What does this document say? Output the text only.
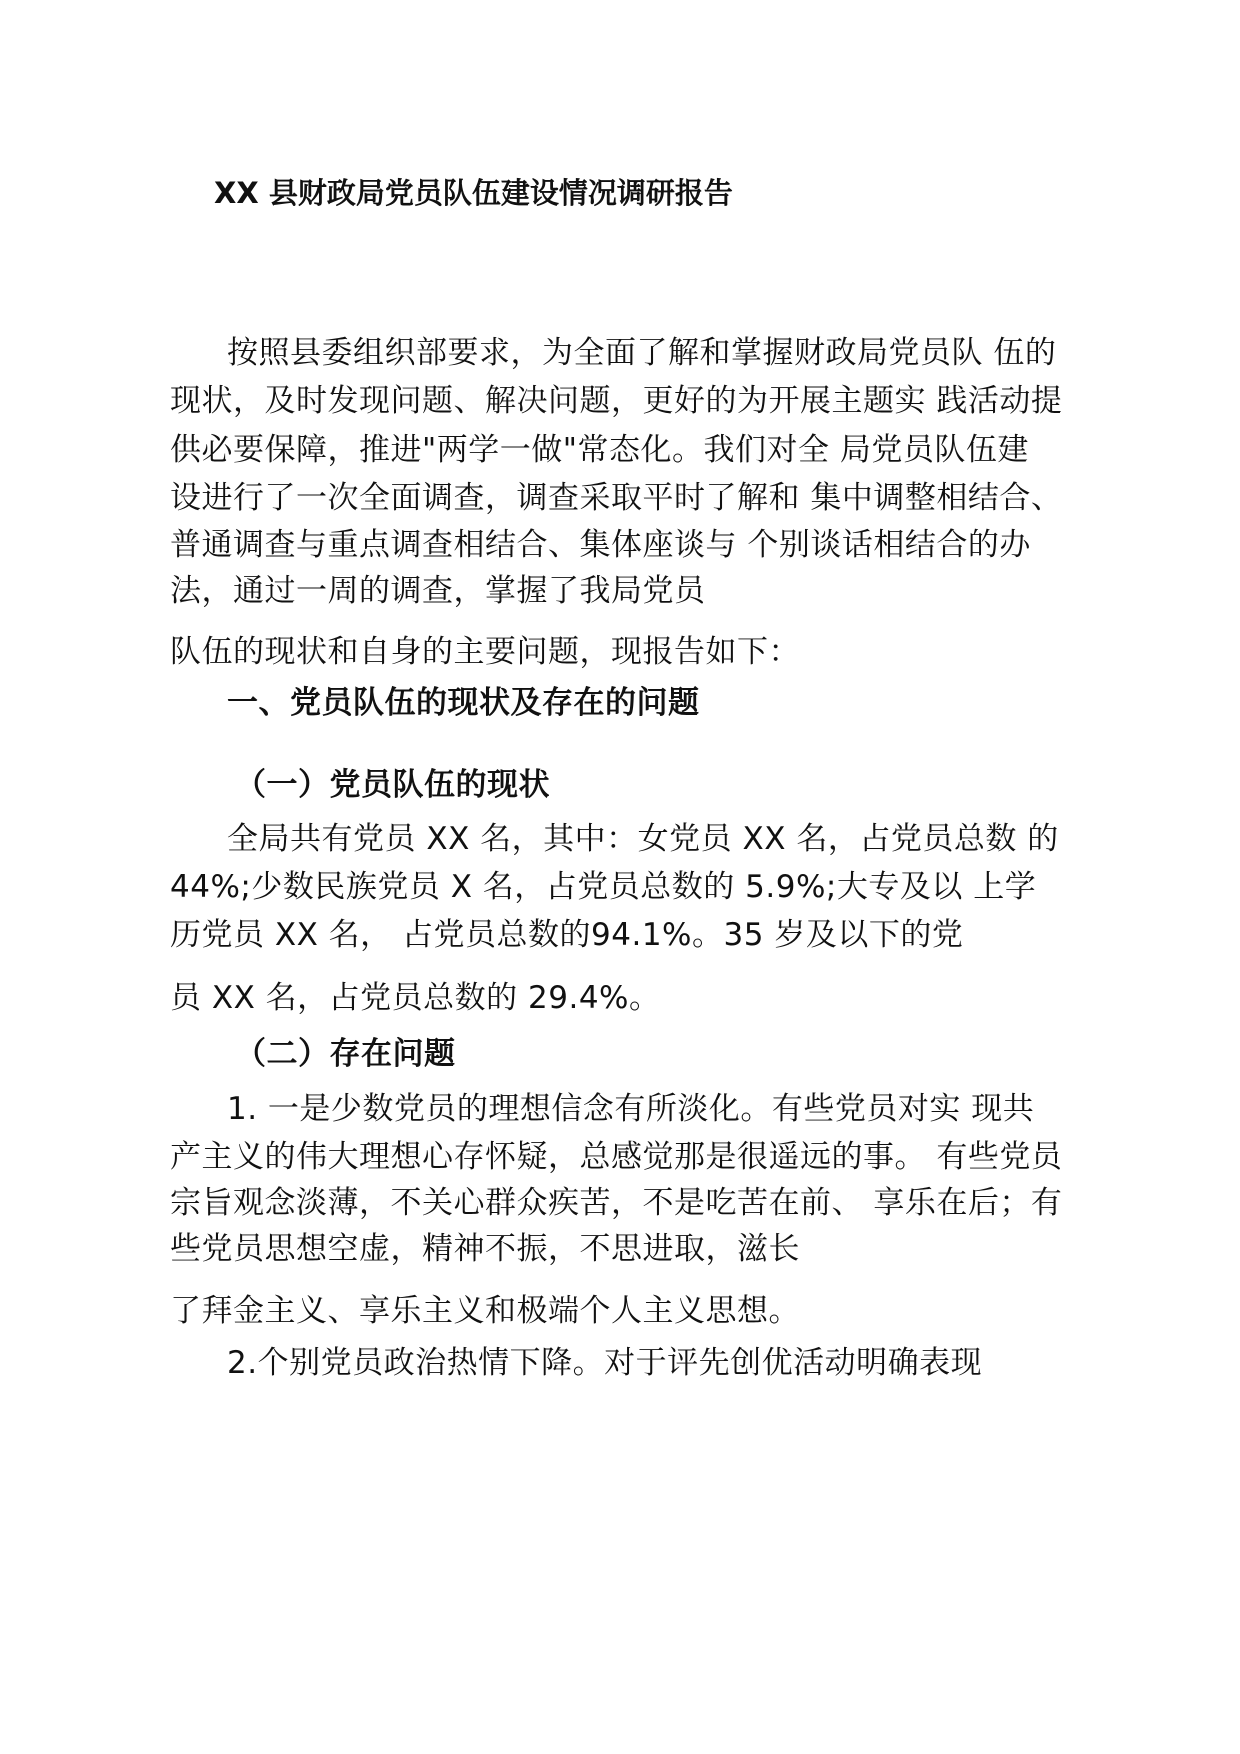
XX 县财政局党员队伍建设情况调研报告

按照县委组织部要求，为全面了解和掌握财政局党员队 伍的

现状，及时发现问题、解决问题，更好的为开展主题实 践活动提

供必要保障，推进"两学一做"常态化。我们对全 局党员队伍建

设进行了一次全面调查，调查采取平时了解和 集中调整相结合、

普通调查与重点调查相结合、集体座谈与 个别谈话相结合的办

法，通过一周的调查，掌握了我局党员

队伍的现状和自身的主要问题，现报告如下：

一、党员队伍的现状及存在的问题
（一）党员队伍的现状

全局共有党员 XX 名，其中：女党员 XX 名，占党员总数 的

44%;少数民族党员 X 名，占党员总数的 5.9%;大专及以 上学

历党员 XX 名， 占党员总数的94.1%。35 岁及以下的党

员 XX 名，占党员总数的 29.4%。

（二）存在问题

1. 一是少数党员的理想信念有所淡化。有些党员对实 现共

产主义的伟大理想心存怀疑，总感觉那是很遥远的事。 有些党员

宗旨观念淡薄，不关心群众疾苦，不是吃苦在前、 享乐在后；有

些党员思想空虚，精神不振，不思进取，滋长

了拜金主义、享乐主义和极端个人主义思想。

2.个别党员政治热情下降。对于评先创优活动明确表现
